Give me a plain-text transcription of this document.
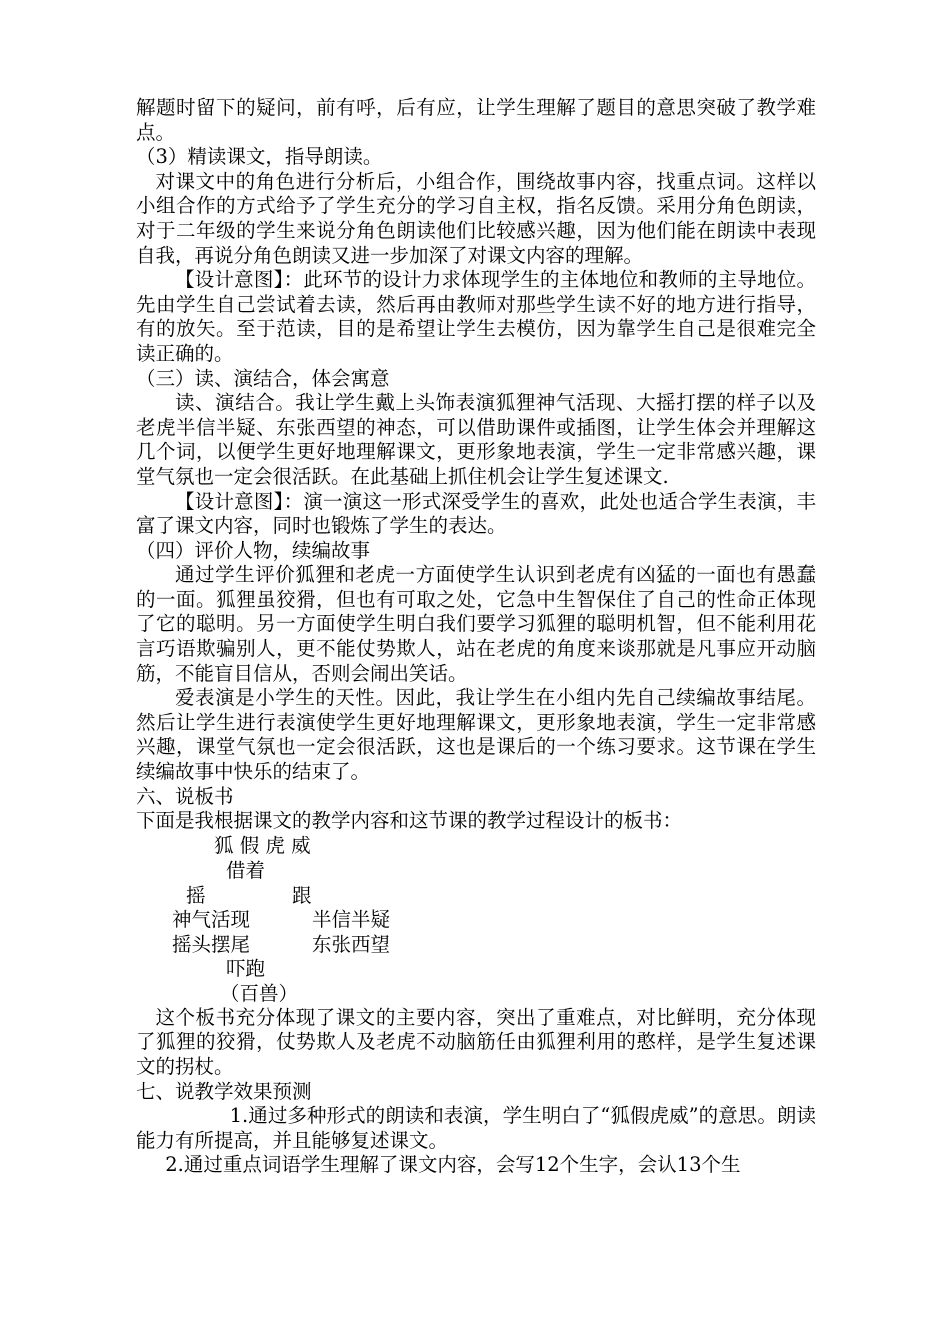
解题时留下的疑问，前有呼，后有应，让学生理解了题目的意思突破了教学难点。

（3）精读课文，指导朗读。

对课文中的角色进行分析后，小组合作，围绕故事内容，找重点词。这样以小组合作的方式给予了学生充分的学习自主权，指名反馈。采用分角色朗读，对于二年级的学生来说分角色朗读他们比较感兴趣，因为他们能在朗读中表现自我，再说分角色朗读又进一步加深了对课文内容的理解。

【设计意图】：此环节的设计力求体现学生的主体地位和教师的主导地位。先由学生自己尝试着去读，然后再由教师对那些学生读不好的地方进行指导，有的放矢。至于范读，目的是希望让学生去模仿，因为靠学生自己是很难完全读正确的。

（三）读、演结合，体会寓意

读、演结合。我让学生戴上头饰表演狐狸神气活现、大摇打摆的样子以及老虎半信半疑、东张西望的神态，可以借助课件或插图，让学生体会并理解这几个词，以便学生更好地理解课文，更形象地表演，学生一定非常感兴趣，课堂气氛也一定会很活跃。在此基础上抓住机会让学生复述课文.

【设计意图】：演一演这一形式深受学生的喜欢，此处也适合学生表演，丰富了课文内容，同时也锻炼了学生的表达。

（四）评价人物，续编故事

通过学生评价狐狸和老虎一方面使学生认识到老虎有凶猛的一面也有愚蠢的一面。狐狸虽狡猾，但也有可取之处，它急中生智保住了自己的性命正体现了它的聪明。另一方面使学生明白我们要学习狐狸的聪明机智，但不能利用花言巧语欺骗别人，更不能仗势欺人，站在老虎的角度来谈那就是凡事应开动脑筋，不能盲目信从，否则会闹出笑话。

爱表演是小学生的天性。因此，我让学生在小组内先自己续编故事结尾。然后让学生进行表演使学生更好地理解课文，更形象地表演，学生一定非常感兴趣，课堂气氛也一定会很活跃，这也是课后的一个练习要求。这节课在学生续编故事中快乐的结束了。

六、说板书

下面是我根据课文的教学内容和这节课的教学过程设计的板书：

狐 假 虎 威
借着
摇	跟
神气活现	半信半疑
摇头摆尾	东张西望
吓跑
（百兽）

这个板书充分体现了课文的主要内容，突出了重难点，对比鲜明，充分体现了狐狸的狡猾，仗势欺人及老虎不动脑筋任由狐狸利用的憨样，是学生复述课文的拐杖。

七、说教学效果预测

1.通过多种形式的朗读和表演，学生明白了“狐假虎威”的意思。朗读能力有所提高，并且能够复述课文。

2.通过重点词语学生理解了课文内容，会写12个生字，会认13个生
